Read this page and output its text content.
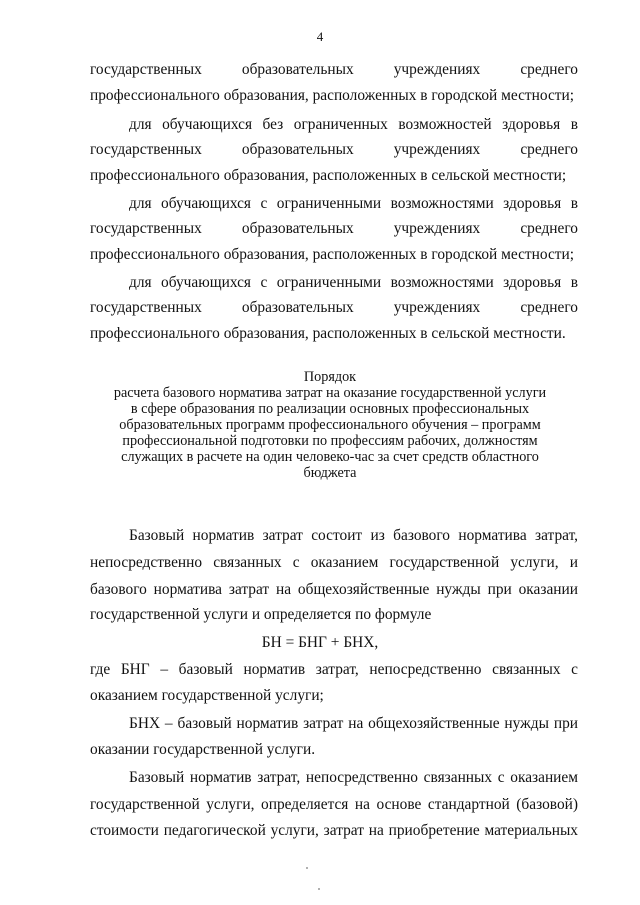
4
государственных образовательных учреждениях среднего
профессионального образования, расположенных в городской местности;
для обучающихся без ограниченных возможностей здоровья в
государственных образовательных учреждениях среднего
профессионального образования, расположенных в сельской местности;
для обучающихся с ограниченными возможностями здоровья в
государственных образовательных учреждениях среднего
профессионального образования, расположенных в городской местности;
для обучающихся с ограниченными возможностями здоровья в
государственных образовательных учреждениях среднего
профессионального образования, расположенных в сельской местности.
Порядок
расчета базового норматива затрат на оказание государственной услуги
в сфере образования по реализации основных профессиональных
образовательных программ профессионального обучения – программ
профессиональной подготовки по профессиям рабочих, должностям
служащих в расчете на один человеко-час за счет средств областного
бюджета
Базовый норматив затрат состоит из базового норматива затрат,
непосредственно связанных с оказанием государственной услуги, и
базового норматива затрат на общехозяйственные нужды при оказании
государственной услуги и определяется по формуле
БН = БНГ + БНХ,
где БНГ – базовый норматив затрат, непосредственно связанных с
оказанием государственной услуги;
БНХ – базовый норматив затрат на общехозяйственные нужды при
оказании государственной услуги.
Базовый норматив затрат, непосредственно связанных с оказанием
государственной услуги, определяется на основе стандартной (базовой)
стоимости педагогической услуги, затрат на приобретение материальных
